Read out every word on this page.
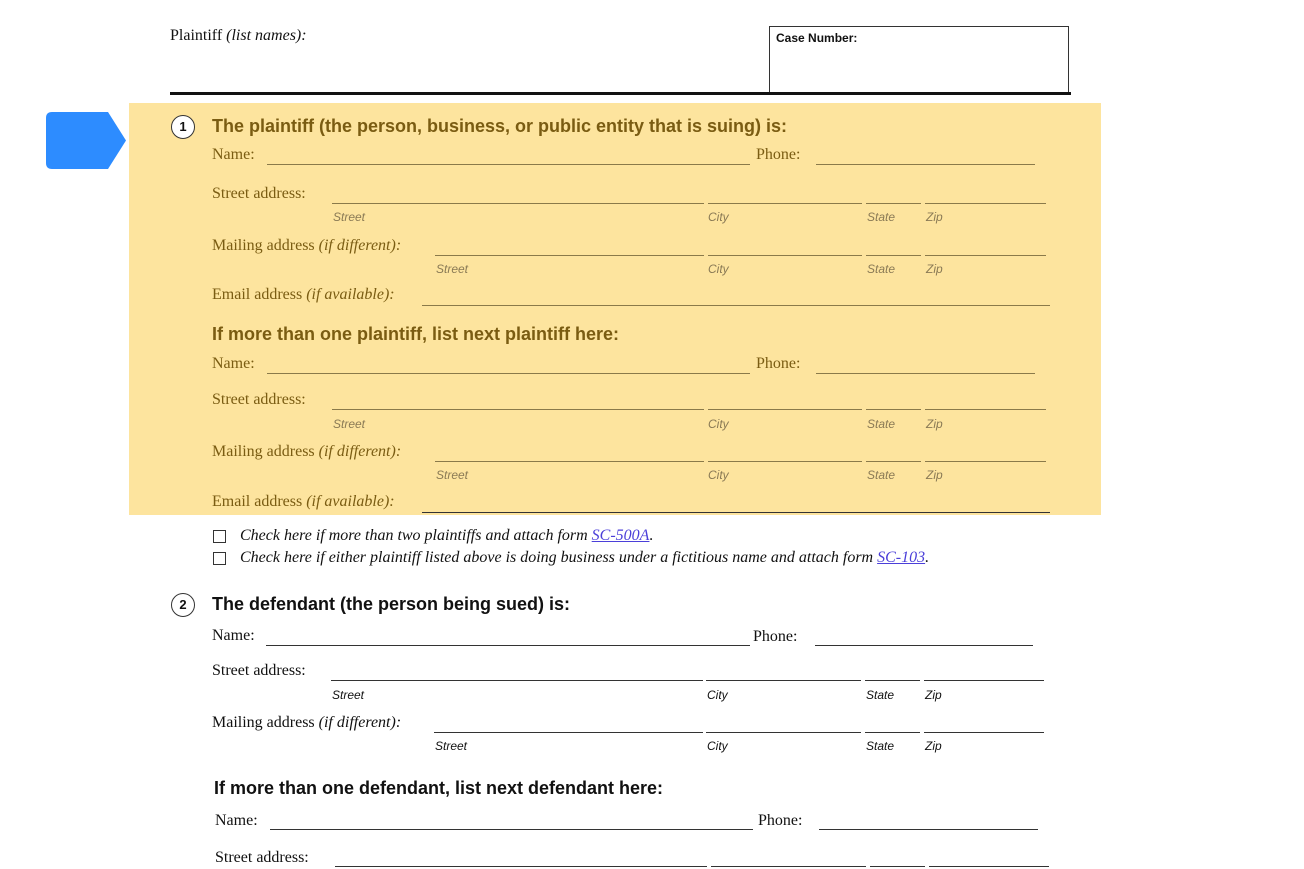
Plaintiff (list names):	Case Number:
1	The plaintiff (the person, business, or public entity that is suing) is:
Name:	Phone:
Street address:
Street	City	State	Zip
Mailing address (if different):
Street	City	State	Zip
Email address (if available):
If more than one plaintiff, list next plaintiff here:
Name:	Phone:
Street address:
Street	City	State	Zip
Mailing address (if different):
Street	City	State	Zip
Email address (if available):
Check here if more than two plaintiffs and attach form SC-500A.
Check here if either plaintiff listed above is doing business under a fictitious name and attach form SC-103.
2	The defendant (the person being sued) is:
Name:	Phone:
Street address:
Street	City	State	Zip
Mailing address (if different):
Street	City	State	Zip
If more than one defendant, list next defendant here:
Name:	Phone:
Street address:
